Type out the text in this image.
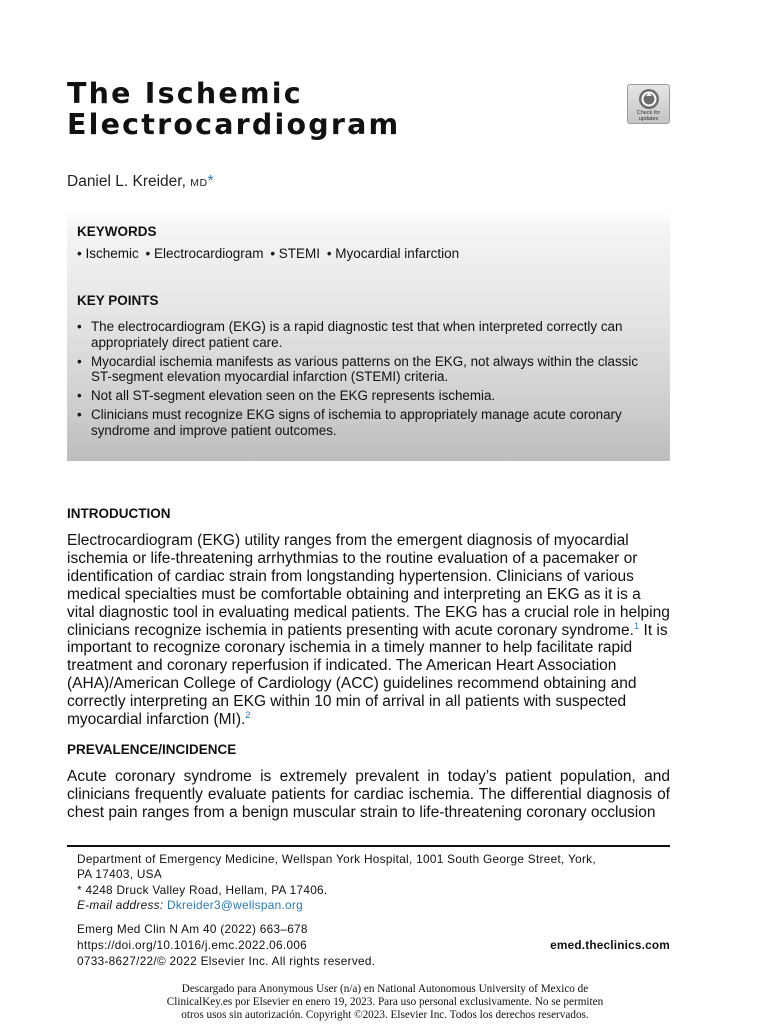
The Ischemic
Electrocardiogram	Check for
updates
Daniel L. Kreider, MD*
KEYWORDS
• Ischemic • Electrocardiogram • STEMI • Myocardial infarction
KEY POINTS
• The electrocardiogram (EKG) is a rapid diagnostic test that when interpreted correctly can appropriately direct patient care.
• Myocardial ischemia manifests as various patterns on the EKG, not always within the classic ST-segment elevation myocardial infarction (STEMI) criteria.
• Not all ST-segment elevation seen on the EKG represents ischemia.
• Clinicians must recognize EKG signs of ischemia to appropriately manage acute coronary syndrome and improve patient outcomes.
INTRODUCTION

Electrocardiogram (EKG) utility ranges from the emergent diagnosis of myocardial ischemia or life-threatening arrhythmias to the routine evaluation of a pacemaker or identification of cardiac strain from longstanding hypertension. Clinicians of various medical specialties must be comfortable obtaining and interpreting an EKG as it is a vital diagnostic tool in evaluating medical patients. The EKG has a crucial role in helping clinicians recognize ischemia in patients presenting with acute coronary syndrome.$^1$ It is important to recognize coronary ischemia in a timely manner to help facilitate rapid treatment and coronary reperfusion if indicated. The American Heart Association (AHA)/American College of Cardiology (ACC) guidelines recommend obtaining and correctly interpreting an EKG within 10 min of arrival in all patients with suspected myocardial infarction (MI).$^2$

PREVALENCE/INCIDENCE

Acute coronary syndrome is extremely prevalent in today’s patient population, and clinicians frequently evaluate patients for cardiac ischemia. The differential diagnosis of chest pain ranges from a benign muscular strain to life-threatening coronary occlusion

Department of Emergency Medicine, Wellspan York Hospital, 1001 South George Street, York,
PA 17403, USA
* 4248 Druck Valley Road, Hellam, PA 17406.
E-mail address: Dkreider3@wellspan.org
Emerg Med Clin N Am 40 (2022) 663–678
https://doi.org/10.1016/j.emc.2022.06.006	emed.theclinics.com
0733-8627/22/© 2022 Elsevier Inc. All rights reserved.
Descargado para Anonymous User (n/a) en National Autonomous University of Mexico de
ClinicalKey.es por Elsevier en enero 19, 2023. Para uso personal exclusivamente. No se permiten
otros usos sin autorización. Copyright ©2023. Elsevier Inc. Todos los derechos reservados.
